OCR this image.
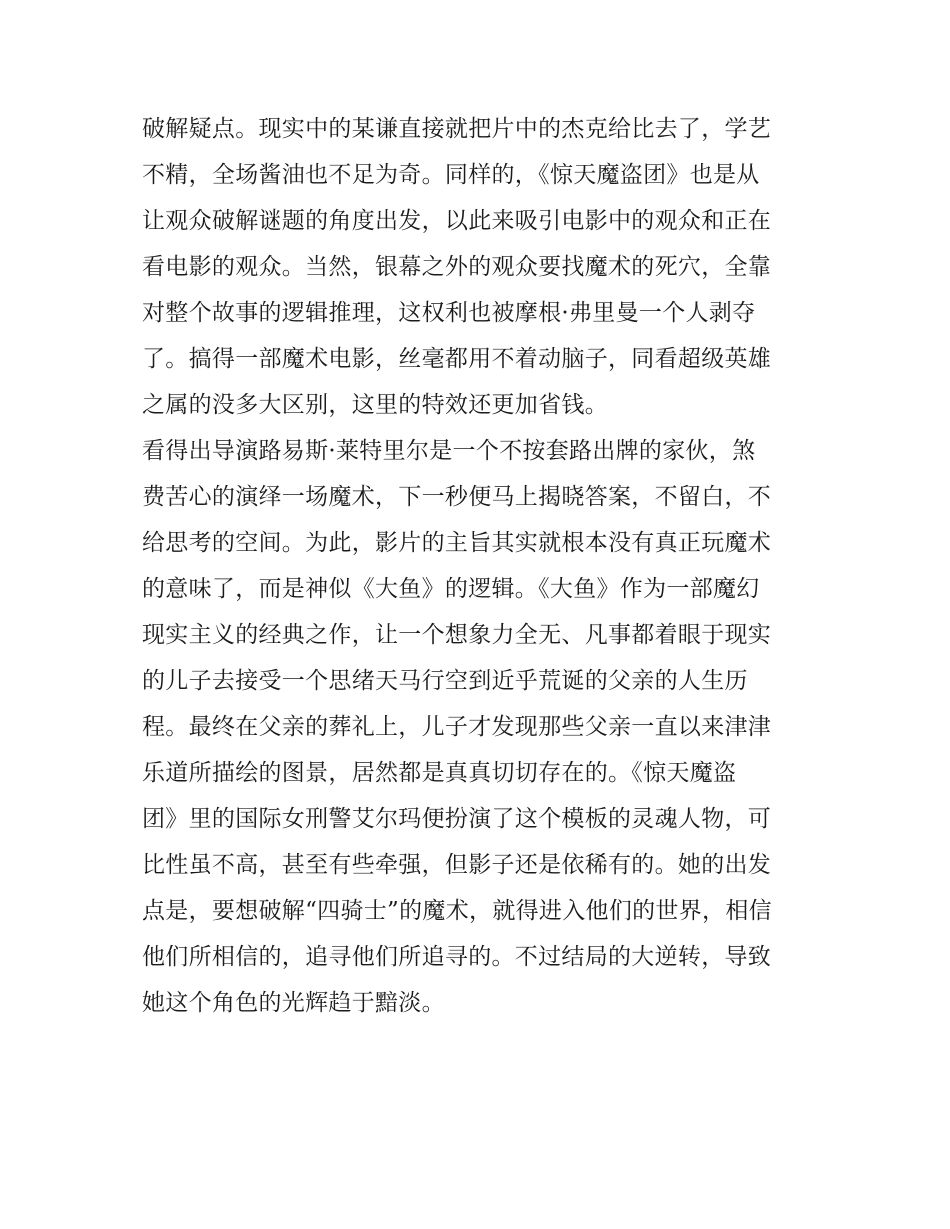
破解疑点。现实中的某谦直接就把片中的杰克给比去了，学艺
不精，全场酱油也不足为奇。同样的，《惊天魔盗团》也是从
让观众破解谜题的角度出发，以此来吸引电影中的观众和正在
看电影的观众。当然，银幕之外的观众要找魔术的死穴，全靠
对整个故事的逻辑推理，这权利也被摩根·弗里曼一个人剥夺
了。搞得一部魔术电影，丝毫都用不着动脑子，同看超级英雄
之属的没多大区别，这里的特效还更加省钱。
看得出导演路易斯·莱特里尔是一个不按套路出牌的家伙，煞
费苦心的演绎一场魔术，下一秒便马上揭晓答案，不留白，不
给思考的空间。为此，影片的主旨其实就根本没有真正玩魔术
的意味了，而是神似《大鱼》的逻辑。《大鱼》作为一部魔幻
现实主义的经典之作，让一个想象力全无、凡事都着眼于现实
的儿子去接受一个思绪天马行空到近乎荒诞的父亲的人生历
程。最终在父亲的葬礼上，儿子才发现那些父亲一直以来津津
乐道所描绘的图景，居然都是真真切切存在的。《惊天魔盗
团》里的国际女刑警艾尔玛便扮演了这个模板的灵魂人物，可
比性虽不高，甚至有些牵强，但影子还是依稀有的。她的出发
点是，要想破解“四骑士”的魔术，就得进入他们的世界，相信
他们所相信的，追寻他们所追寻的。不过结局的大逆转，导致
她这个角色的光辉趋于黯淡。
